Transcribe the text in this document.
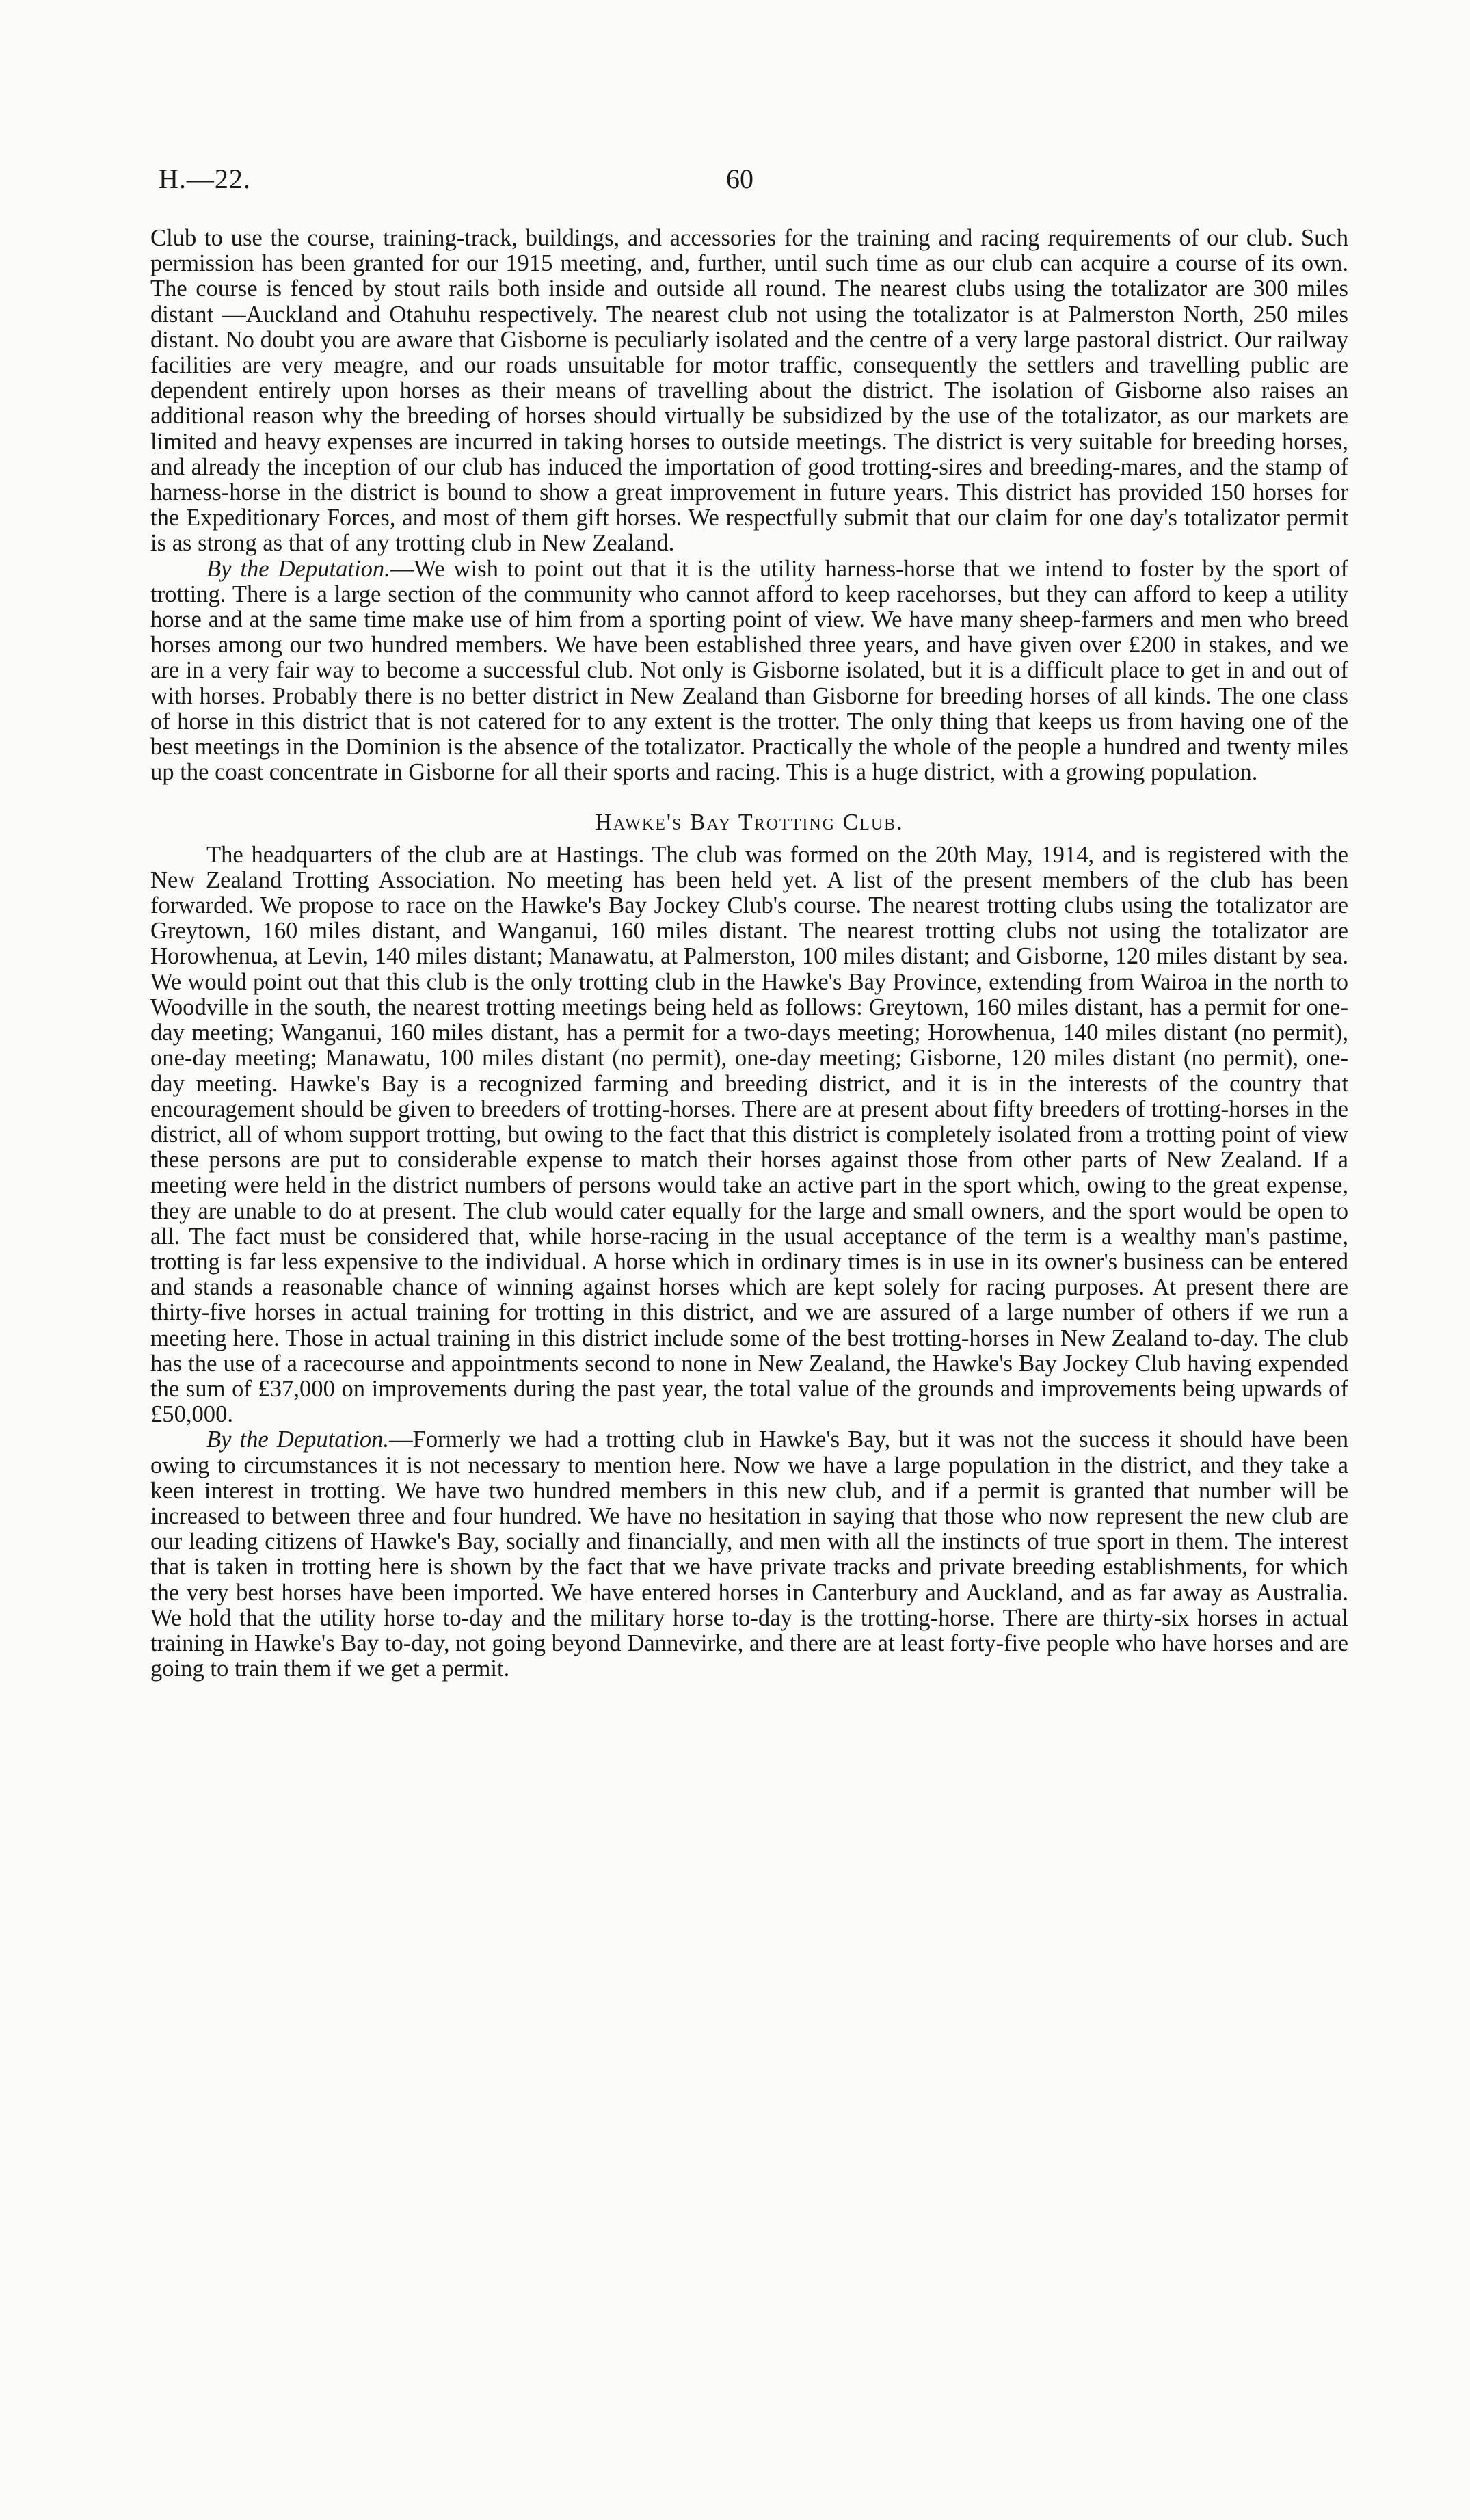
H.—22.	60

Club to use the course, training-track, buildings, and accessories for the training and racing requirements of our club. Such permission has been granted for our 1915 meeting, and, further, until such time as our club can acquire a course of its own. The course is fenced by stout rails both inside and outside all round. The nearest clubs using the totalizator are 300 miles distant —Auckland and Otahuhu respectively. The nearest club not using the totalizator is at Palmerston North, 250 miles distant. No doubt you are aware that Gisborne is peculiarly isolated and the centre of a very large pastoral district. Our railway facilities are very meagre, and our roads unsuitable for motor traffic, consequently the settlers and travelling public are dependent entirely upon horses as their means of travelling about the district. The isolation of Gisborne also raises an additional reason why the breeding of horses should virtually be subsidized by the use of the totalizator, as our markets are limited and heavy expenses are incurred in taking horses to outside meetings. The district is very suitable for breeding horses, and already the inception of our club has induced the importation of good trotting-sires and breeding-mares, and the stamp of harness-horse in the district is bound to show a great improvement in future years. This district has provided 150 horses for the Expeditionary Forces, and most of them gift horses. We respectfully submit that our claim for one day's totalizator permit is as strong as that of any trotting club in New Zealand.

By the Deputation.—We wish to point out that it is the utility harness-horse that we intend to foster by the sport of trotting. There is a large section of the community who cannot afford to keep racehorses, but they can afford to keep a utility horse and at the same time make use of him from a sporting point of view. We have many sheep-farmers and men who breed horses among our two hundred members. We have been established three years, and have given over £200 in stakes, and we are in a very fair way to become a successful club. Not only is Gisborne isolated, but it is a difficult place to get in and out of with horses. Probably there is no better district in New Zealand than Gisborne for breeding horses of all kinds. The one class of horse in this district that is not catered for to any extent is the trotter. The only thing that keeps us from having one of the best meetings in the Dominion is the absence of the totalizator. Practically the whole of the people a hundred and twenty miles up the coast concentrate in Gisborne for all their sports and racing. This is a huge district, with a growing population.

Hawke's Bay Trotting Club.

The headquarters of the club are at Hastings. The club was formed on the 20th May, 1914, and is registered with the New Zealand Trotting Association. No meeting has been held yet. A list of the present members of the club has been forwarded. We propose to race on the Hawke's Bay Jockey Club's course. The nearest trotting clubs using the totalizator are Greytown, 160 miles distant, and Wanganui, 160 miles distant. The nearest trotting clubs not using the totalizator are Horowhenua, at Levin, 140 miles distant; Manawatu, at Palmerston, 100 miles distant; and Gisborne, 120 miles distant by sea. We would point out that this club is the only trotting club in the Hawke's Bay Province, extending from Wairoa in the north to Woodville in the south, the nearest trotting meetings being held as follows: Greytown, 160 miles distant, has a permit for one-day meeting; Wanganui, 160 miles distant, has a permit for a two-days meeting; Horowhenua, 140 miles distant (no permit), one-day meeting; Manawatu, 100 miles distant (no permit), one-day meeting; Gisborne, 120 miles distant (no permit), one-day meeting. Hawke's Bay is a recognized farming and breeding district, and it is in the interests of the country that encouragement should be given to breeders of trotting-horses. There are at present about fifty breeders of trotting-horses in the district, all of whom support trotting, but owing to the fact that this district is completely isolated from a trotting point of view these persons are put to considerable expense to match their horses against those from other parts of New Zealand. If a meeting were held in the district numbers of persons would take an active part in the sport which, owing to the great expense, they are unable to do at present. The club would cater equally for the large and small owners, and the sport would be open to all. The fact must be considered that, while horse-racing in the usual acceptance of the term is a wealthy man's pastime, trotting is far less expensive to the individual. A horse which in ordinary times is in use in its owner's business can be entered and stands a reasonable chance of winning against horses which are kept solely for racing purposes. At present there are thirty-five horses in actual training for trotting in this district, and we are assured of a large number of others if we run a meeting here. Those in actual training in this district include some of the best trotting-horses in New Zealand to-day. The club has the use of a racecourse and appointments second to none in New Zealand, the Hawke's Bay Jockey Club having expended the sum of £37,000 on improvements during the past year, the total value of the grounds and improvements being upwards of £50,000.

By the Deputation.—Formerly we had a trotting club in Hawke's Bay, but it was not the success it should have been owing to circumstances it is not necessary to mention here. Now we have a large population in the district, and they take a keen interest in trotting. We have two hundred members in this new club, and if a permit is granted that number will be increased to between three and four hundred. We have no hesitation in saying that those who now represent the new club are our leading citizens of Hawke's Bay, socially and financially, and men with all the instincts of true sport in them. The interest that is taken in trotting here is shown by the fact that we have private tracks and private breeding establishments, for which the very best horses have been imported. We have entered horses in Canterbury and Auckland, and as far away as Australia. We hold that the utility horse to-day and the military horse to-day is the trotting-horse. There are thirty-six horses in actual training in Hawke's Bay to-day, not going beyond Dannevirke, and there are at least forty-five people who have horses and are going to train them if we get a permit.
